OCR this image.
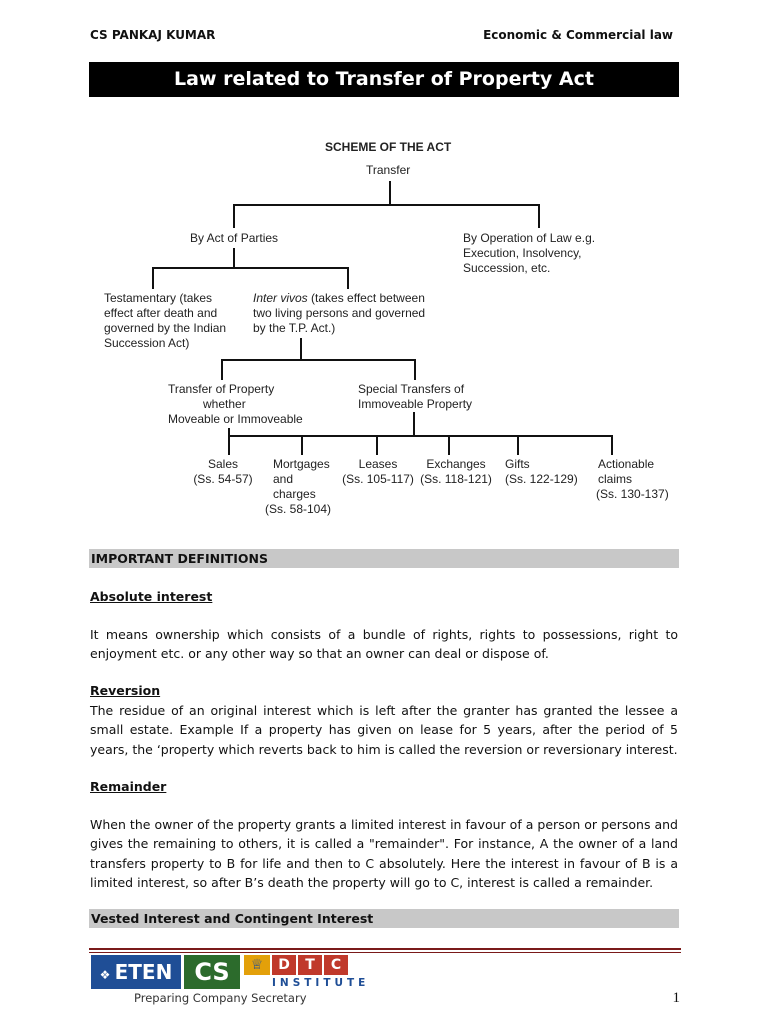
CS PANKAJ KUMAR	Economic & Commercial law
Law related to Transfer of Property Act
SCHEME OF THE ACT
Transfer
By Act of Parties	By Operation of Law e.g.
Execution, Insolvency,
Succession, etc.
Testamentary (takes
effect after death and
governed by the Indian
Succession Act)
Inter vivos (takes effect between
two living persons and governed
by the T.P. Act.)
Transfer of Property
whether
Moveable or Immoveable
Special Transfers of
Immoveable Property
Sales
(Ss. 54-57)
Mortgages
and
charges
(Ss. 58-104)
Leases
(Ss. 105-117)
Exchanges
(Ss. 118-121)
Gifts
(Ss. 122-129)
Actionable
claims
(Ss. 130-137)
IMPORTANT DEFINITIONS
Absolute interest
It means ownership which consists of a bundle of rights, rights to possessions, right to enjoyment etc. or any other way so that an owner can deal or dispose of.
Reversion
The residue of an original interest which is left after the granter has granted the lessee a small estate. Example If a property has given on lease for 5 years, after the period of 5 years, the ‘property which reverts back to him is called the reversion or reversionary interest.
Remainder
When the owner of the property grants a limited interest in favour of a person or persons and gives the remaining to others, it is called a "remainder". For instance, A the owner of a land transfers property to B for life and then to C absolutely. Here the interest in favour of B is a limited interest, so after B’s death the property will go to C, interest is called a remainder.
Vested Interest and Contingent Interest
❖ ETEN CS	♕	D	T	C
INSTITUTE
Preparing Company Secretary	1
